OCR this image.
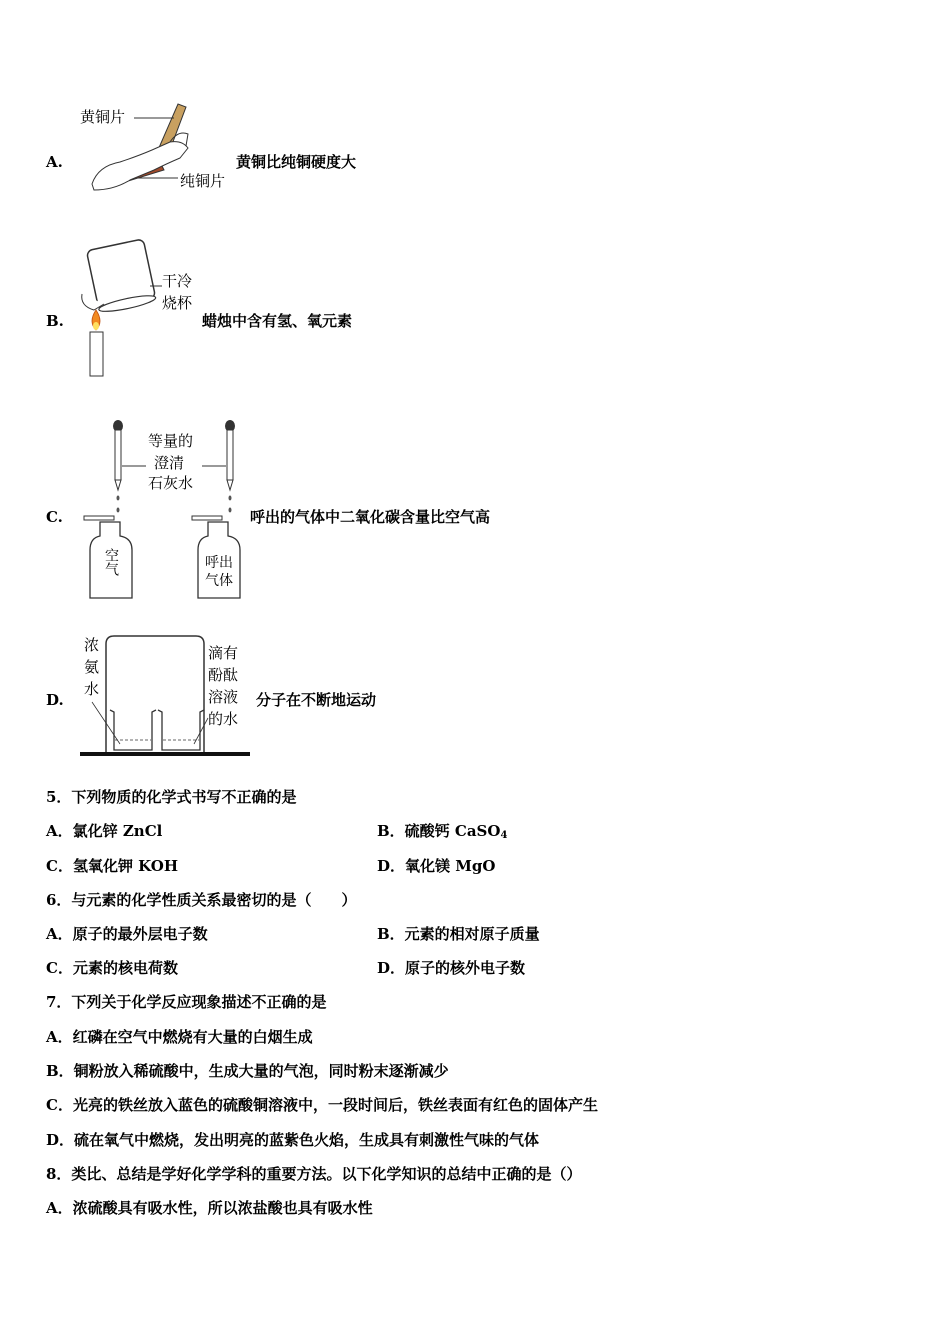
A.
黄铜片
纯铜片
黄铜比纯铜硬度大
B.
干冷
烧杯
蜡烛中含有氢、氧元素
C.
等量的
澄清
石灰水
空气	呼出
气体
呼出的气体中二氧化碳含量比空气高
D.
浓
氨
水
滴有
酚酞
溶液
的水
分子在不断地运动
5．下列物质的化学式书写不正确的是
A．氯化锌 ZnCl	B．硫酸钙 CaSO$_4$
C．氢氧化钾 KOH	D．氧化镁 MgO
6．与元素的化学性质关系最密切的是（　　）
A．原子的最外层电子数	B．元素的相对原子质量
C．元素的核电荷数	D．原子的核外电子数
7．下列关于化学反应现象描述不正确的是
A．红磷在空气中燃烧有大量的白烟生成
B．铜粉放入稀硫酸中，生成大量的气泡，同时粉末逐渐减少
C．光亮的铁丝放入蓝色的硫酸铜溶液中，一段时间后，铁丝表面有红色的固体产生
D．硫在氧气中燃烧，发出明亮的蓝紫色火焰，生成具有刺激性气味的气体
8．类比、总结是学好化学学科的重要方法。以下化学知识的总结中正确的是（）
A．浓硫酸具有吸水性，所以浓盐酸也具有吸水性
